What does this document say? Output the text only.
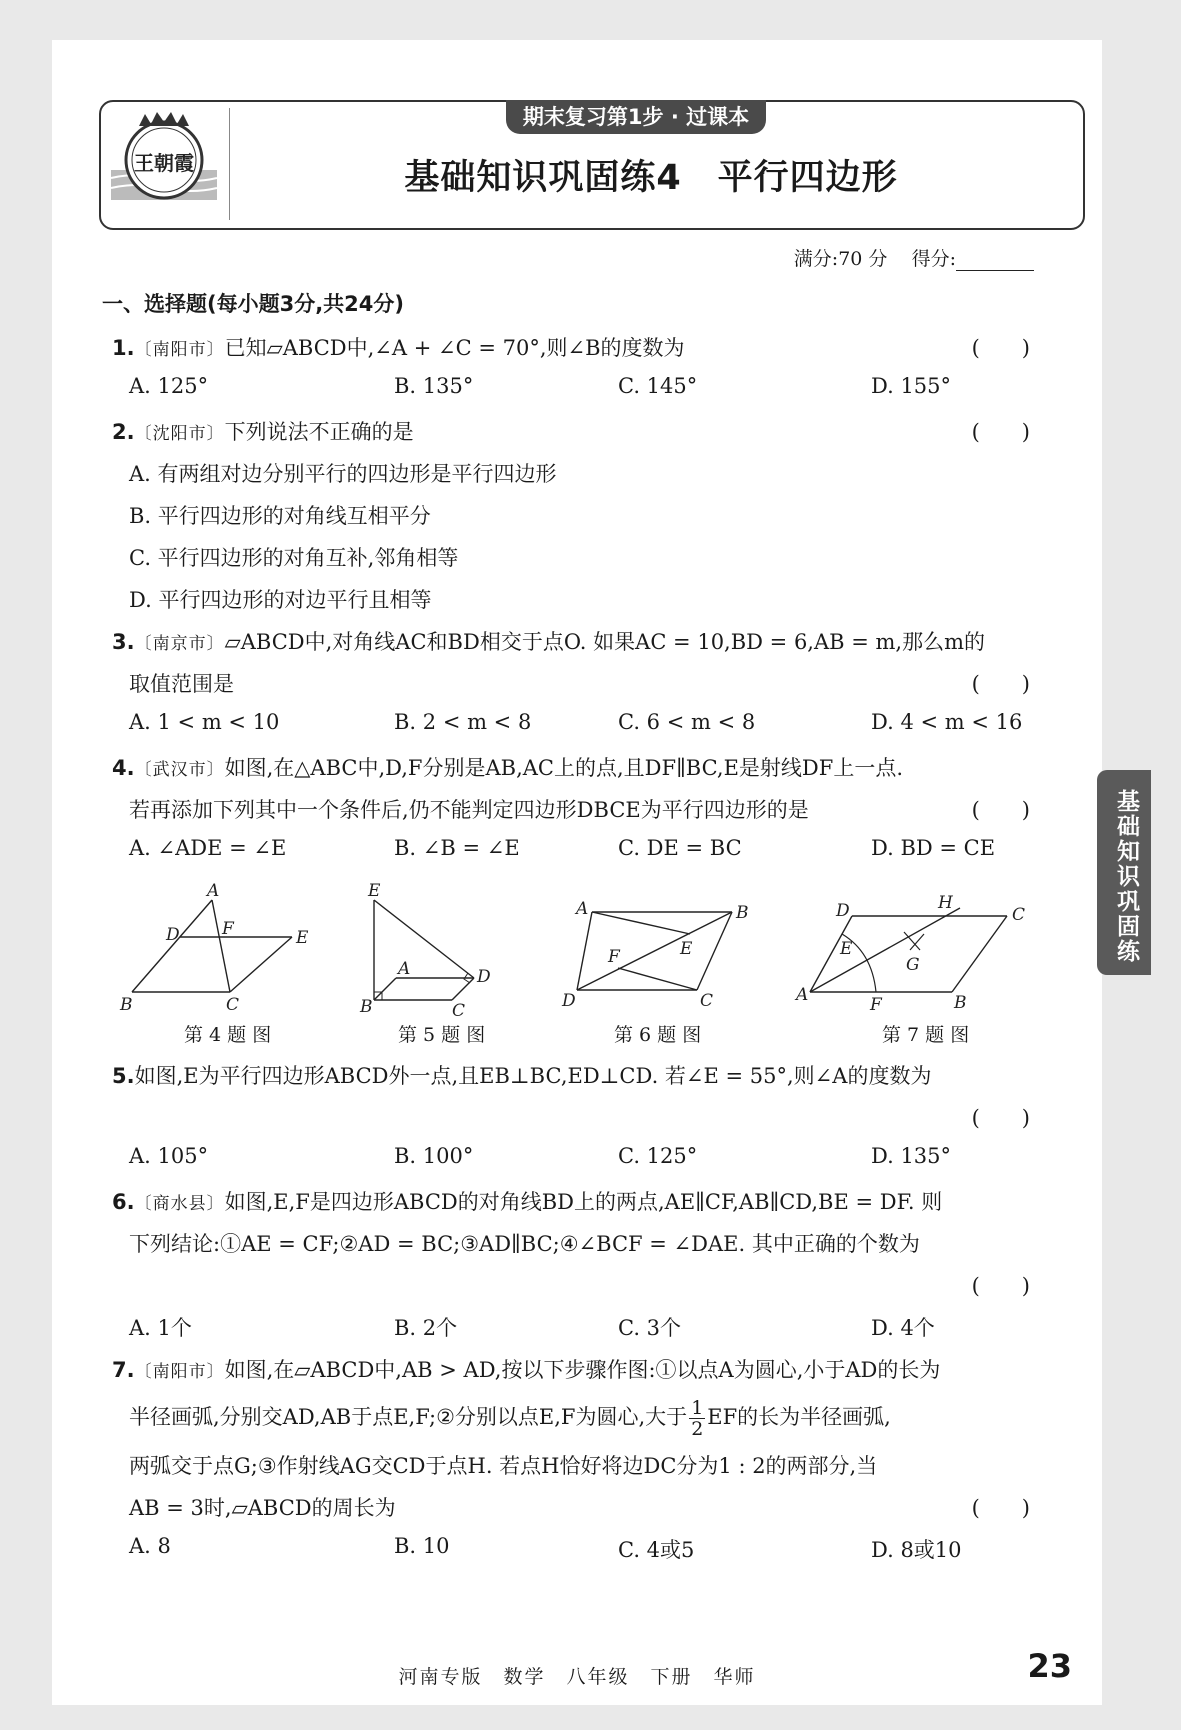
王朝霞
期末复习第1步 · 过课本
基础知识巩固练4　平行四边形
满分:70 分 得分:
一、选择题(每小题3分,共24分)
1.〔南阳市〕已知▱ABCD中,∠A + ∠C = 70°,则∠B的度数为	(　　)
A. 125°	B. 135°	C. 145°	D. 155°
2.〔沈阳市〕下列说法不正确的是	(　　)
A. 有两组对边分别平行的四边形是平行四边形
B. 平行四边形的对角线互相平分
C. 平行四边形的对角互补,邻角相等
D. 平行四边形的对边平行且相等
3.〔南京市〕▱ABCD中,对角线AC和BD相交于点O. 如果AC = 10,BD = 6,AB = m,那么m的
取值范围是	(　　)
A. 1 < m < 10	B. 2 < m < 8	C. 6 < m < 8	D. 4 < m < 16
4.〔武汉市〕如图,在△ABC中,D,F分别是AB,AC上的点,且DF∥BC,E是射线DF上一点.
若再添加下列其中一个条件后,仍不能判定四边形DBCE为平行四边形的是	(　　)
A. ∠ADE = ∠E	B. ∠B = ∠E	C. DE = BC	D. BD = CE
A
D F	E
B	C
第 4 题 图
E
A	D
B	C
第 5 题 图
A	B
E
F
D	C
第 6 题 图
D	H
C
E
G
A	F	B
第 7 题 图
5.如图,E为平行四边形ABCD外一点,且EB⊥BC,ED⊥CD. 若∠E = 55°,则∠A的度数为
(　　)
A. 105°	B. 100°	C. 125°	D. 135°
6.〔商水县〕如图,E,F是四边形ABCD的对角线BD上的两点,AE∥CF,AB∥CD,BE = DF. 则
下列结论:①AE = CF;②AD = BC;③AD∥BC;④∠BCF = ∠DAE. 其中正确的个数为
(　　)
A. 1个	B. 2个	C. 3个	D. 4个
7.〔南阳市〕如图,在▱ABCD中,AB > AD,按以下步骤作图:①以点A为圆心,小于AD的长为
半径画弧,分别交AD,AB于点E,F;②分别以点E,F为圆心,大于 $\frac{1}{2}$ EF的长为半径画弧,
两弧交于点G;③作射线AG交CD于点H. 若点H恰好将边DC分为1 : 2的两部分,当
AB = 3时,▱ABCD的周长为	(　　)
A. 8	B. 10	C. 4或5	D. 8或10
河南专版　数学　八年级　下册　华师	23
基础知识巩固练
